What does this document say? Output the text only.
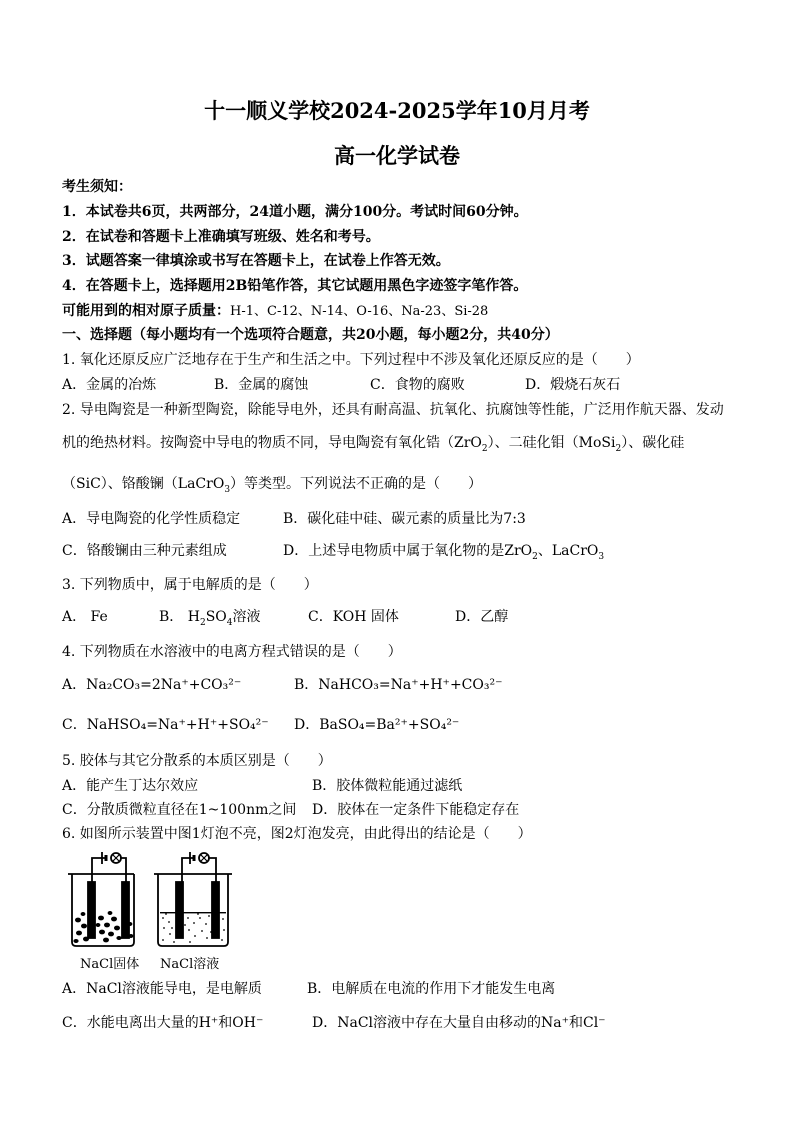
十一顺义学校2024-2025学年10月月考
高一化学试卷
考生须知：
1．本试卷共6页，共两部分，24道小题，满分100分。考试时间60分钟。
2．在试卷和答题卡上准确填写班级、姓名和考号。
3．试题答案一律填涂或书写在答题卡上，在试卷上作答无效。
4．在答题卡上，选择题用2B铅笔作答，其它试题用黑色字迹签字笔作答。
可能用到的相对原子质量：H-1、C-12、N-14、O-16、Na-23、Si-28
一、选择题（每小题均有一个选项符合题意，共20小题，每小题2分，共40分）
1. 氧化还原反应广泛地存在于生产和生活之中。下列过程中不涉及氧化还原反应的是（　　）
A．金属的冶炼	B．金属的腐蚀	C．食物的腐败	D．煅烧石灰石
2. 导电陶瓷是一种新型陶瓷，除能导电外，还具有耐高温、抗氧化、抗腐蚀等性能，广泛用作航天器、发动
机的绝热材料。按陶瓷中导电的物质不同，导电陶瓷有氧化锆（ZrO$_2$）、二硅化钼（MoSi$_2$）、碳化硅
（SiC）、铬酸镧（LaCrO$_3$）等类型。下列说法不正确的是（　　）
A．导电陶瓷的化学性质稳定	B．碳化硅中硅、碳元素的质量比为7:3
C．铬酸镧由三种元素组成	D．上述导电物质中属于氧化物的是ZrO$_2$、LaCrO$_3$
3. 下列物质中，属于电解质的是（　　）
A． Fe	B． $H_2SO_4$溶液	C．KOH 固体	D．乙醇
4. 下列物质在水溶液中的电离方程式错误的是（　　）
A．Na₂CO₃=2Na⁺+CO₃²⁻	B．NaHCO₃=Na⁺+H⁺+CO₃²⁻
C．NaHSO₄=Na⁺+H⁺+SO₄²⁻ D．BaSO₄=Ba²⁺+SO₄²⁻
5. 胶体与其它分散系的本质区别是（　　）
A．能产生丁达尔效应	B．胶体微粒能通过滤纸
C．分散质微粒直径在1~100nm之间 D．胶体在一定条件下能稳定存在
6. 如图所示装置中图1灯泡不亮，图2灯泡发亮，由此得出的结论是（　　）
NaCl固体 NaCl溶液
A．NaCl溶液能导电，是电解质	B．电解质在电流的作用下才能发生电离
C．水能电离出大量的H⁺和OH⁻	D．NaCl溶液中存在大量自由移动的Na⁺和Cl⁻
